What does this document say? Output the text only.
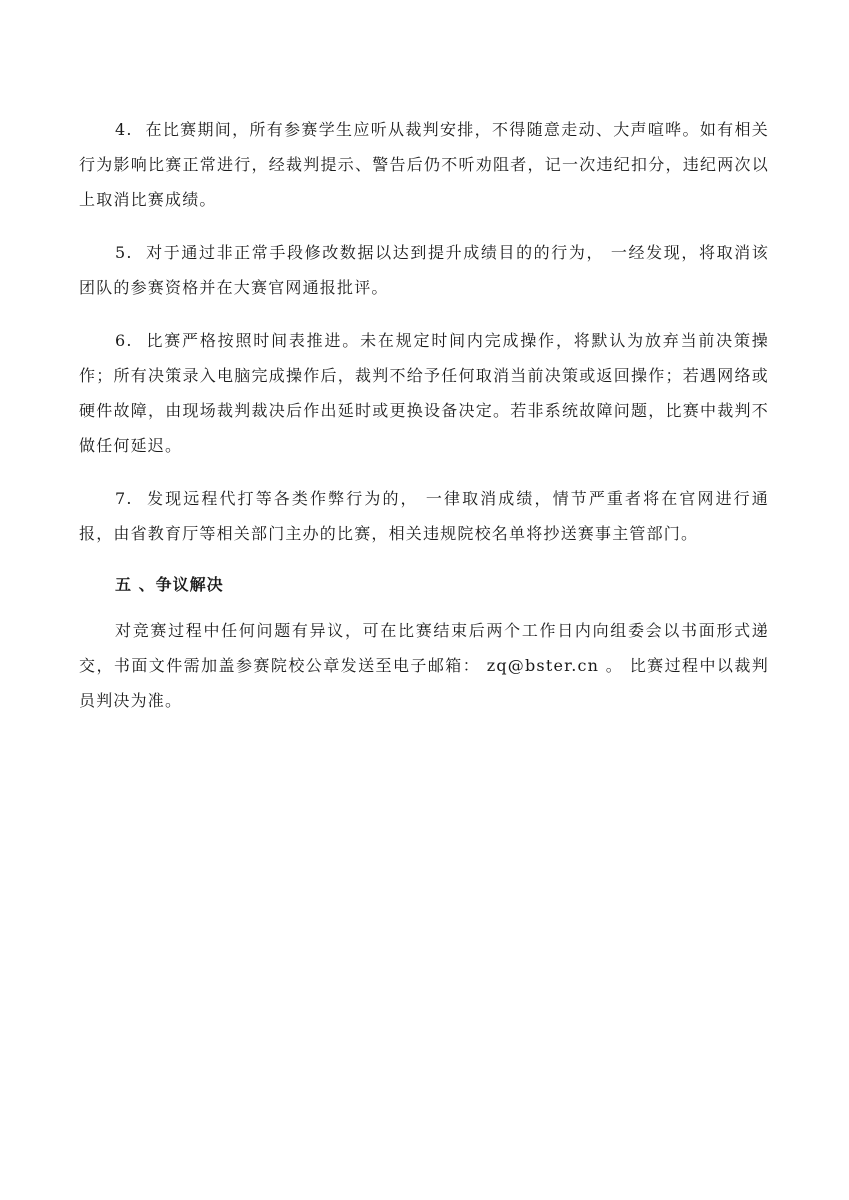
4. 在比赛期间，所有参赛学生应听从裁判安排，不得随意走动、大声喧哗。如有相关行为影响比赛正常进行，经裁判提示、警告后仍不听劝阻者，记一次违纪扣分，违纪两次以上取消比赛成绩。

5. 对于通过非正常手段修改数据以达到提升成绩目的的行为， 一经发现，将取消该团队的参赛资格并在大赛官网通报批评。

6. 比赛严格按照时间表推进。未在规定时间内完成操作，将默认为放弃当前决策操作；所有决策录入电脑完成操作后，裁判不给予任何取消当前决策或返回操作；若遇网络或硬件故障，由现场裁判裁决后作出延时或更换设备决定。若非系统故障问题，比赛中裁判不做任何延迟。

7. 发现远程代打等各类作弊行为的， 一律取消成绩，情节严重者将在官网进行通报，由省教育厅等相关部门主办的比赛，相关违规院校名单将抄送赛事主管部门。

五 、争议解决

对竞赛过程中任何问题有异议，可在比赛结束后两个工作日内向组委会以书面形式递交，书面文件需加盖参赛院校公章发送至电子邮箱： zq@bster.cn 。 比赛过程中以裁判员判决为准。
